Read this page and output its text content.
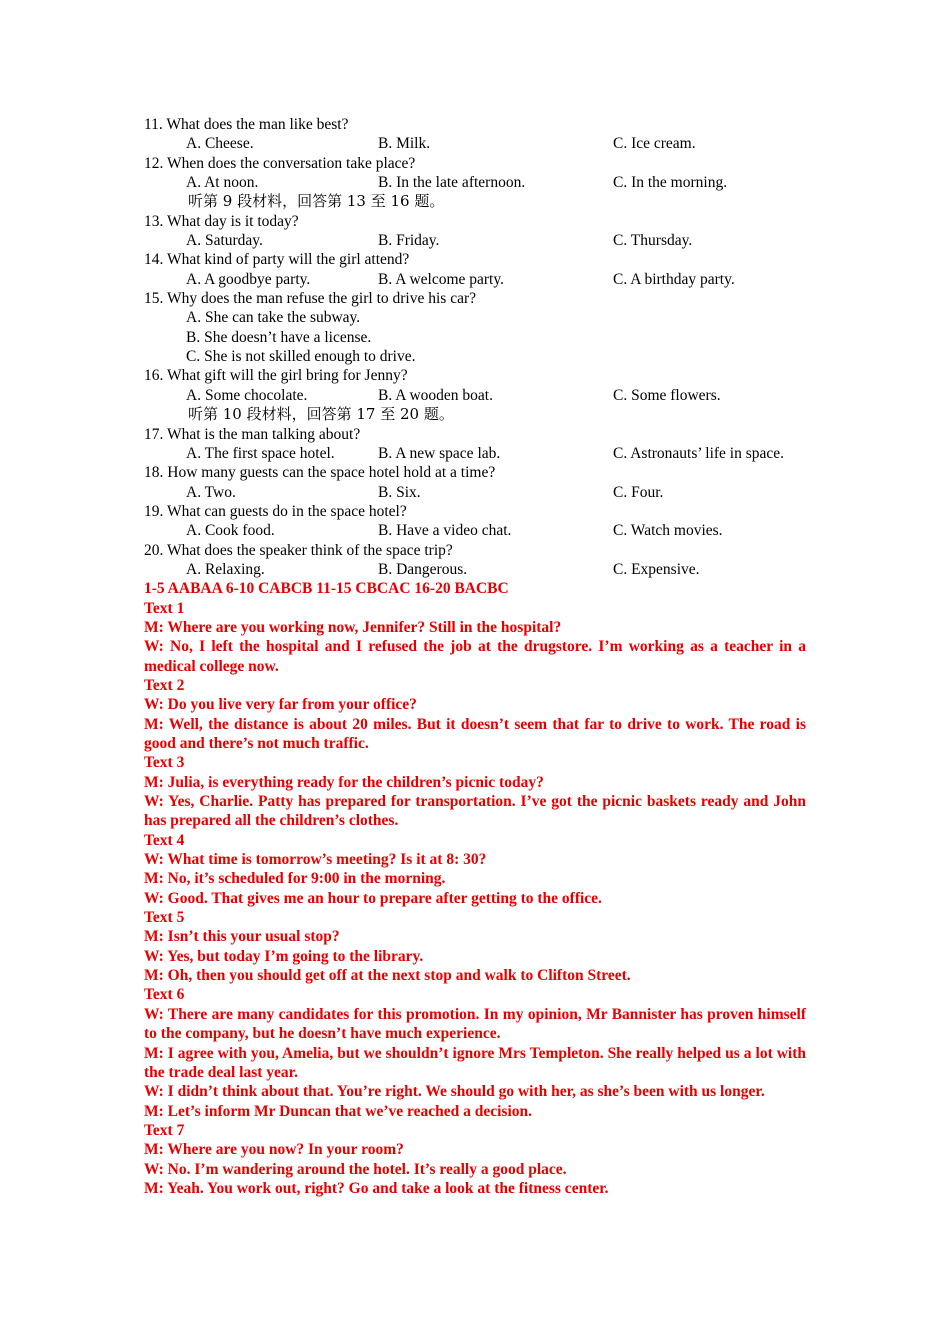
11. What does the man like best?
A. Cheese.	B. Milk.	C. Ice cream.
12. When does the conversation take place?
A. At noon.	B. In the late afternoon.	C. In the morning.
听第 9 段材料，回答第 13 至 16 题。
13. What day is it today?
A. Saturday.	B. Friday.	C. Thursday.
14. What kind of party will the girl attend?
A. A goodbye party.	B. A welcome party.	C. A birthday party.
15. Why does the man refuse the girl to drive his car?
A. She can take the subway.
B. She doesn’t have a license.
C. She is not skilled enough to drive.
16. What gift will the girl bring for Jenny?
A. Some chocolate.	B. A wooden boat.	C. Some flowers.
听第 10 段材料，回答第 17 至 20 题。
17. What is the man talking about?
A. The first space hotel.	B. A new space lab.	C. Astronauts’ life in space.
18. How many guests can the space hotel hold at a time?
A. Two.	B. Six.	C. Four.
19. What can guests do in the space hotel?
A. Cook food.	B. Have a video chat.	C. Watch movies.
20. What does the speaker think of the space trip?
A. Relaxing.	B. Dangerous.	C. Expensive.
1-5 AABAA 6-10 CABCB 11-15 CBCAC 16-20 BACBC
Text 1
M: Where are you working now, Jennifer? Still in the hospital?
W: No, I left the hospital and I refused the job at the drugstore. I’m working as a teacher in a medical college now.
Text 2
W: Do you live very far from your office?
M: Well, the distance is about 20 miles. But it doesn’t seem that far to drive to work. The road is good and there’s not much traffic.
Text 3
M: Julia, is everything ready for the children’s picnic today?
W: Yes, Charlie. Patty has prepared for transportation. I’ve got the picnic baskets ready and John has prepared all the children’s clothes.
Text 4
W: What time is tomorrow’s meeting? Is it at 8: 30?
M: No, it’s scheduled for 9:00 in the morning.
W: Good. That gives me an hour to prepare after getting to the office.
Text 5
M: Isn’t this your usual stop?
W: Yes, but today I’m going to the library.
M: Oh, then you should get off at the next stop and walk to Clifton Street.
Text 6
W: There are many candidates for this promotion. In my opinion, Mr Bannister has proven himself to the company, but he doesn’t have much experience.
M: I agree with you, Amelia, but we shouldn’t ignore Mrs Templeton. She really helped us a lot with the trade deal last year.
W: I didn’t think about that. You’re right. We should go with her, as she’s been with us longer.
M: Let’s inform Mr Duncan that we’ve reached a decision.
Text 7
M: Where are you now? In your room?
W: No. I’m wandering around the hotel. It’s really a good place.
M: Yeah. You work out, right? Go and take a look at the fitness center.
